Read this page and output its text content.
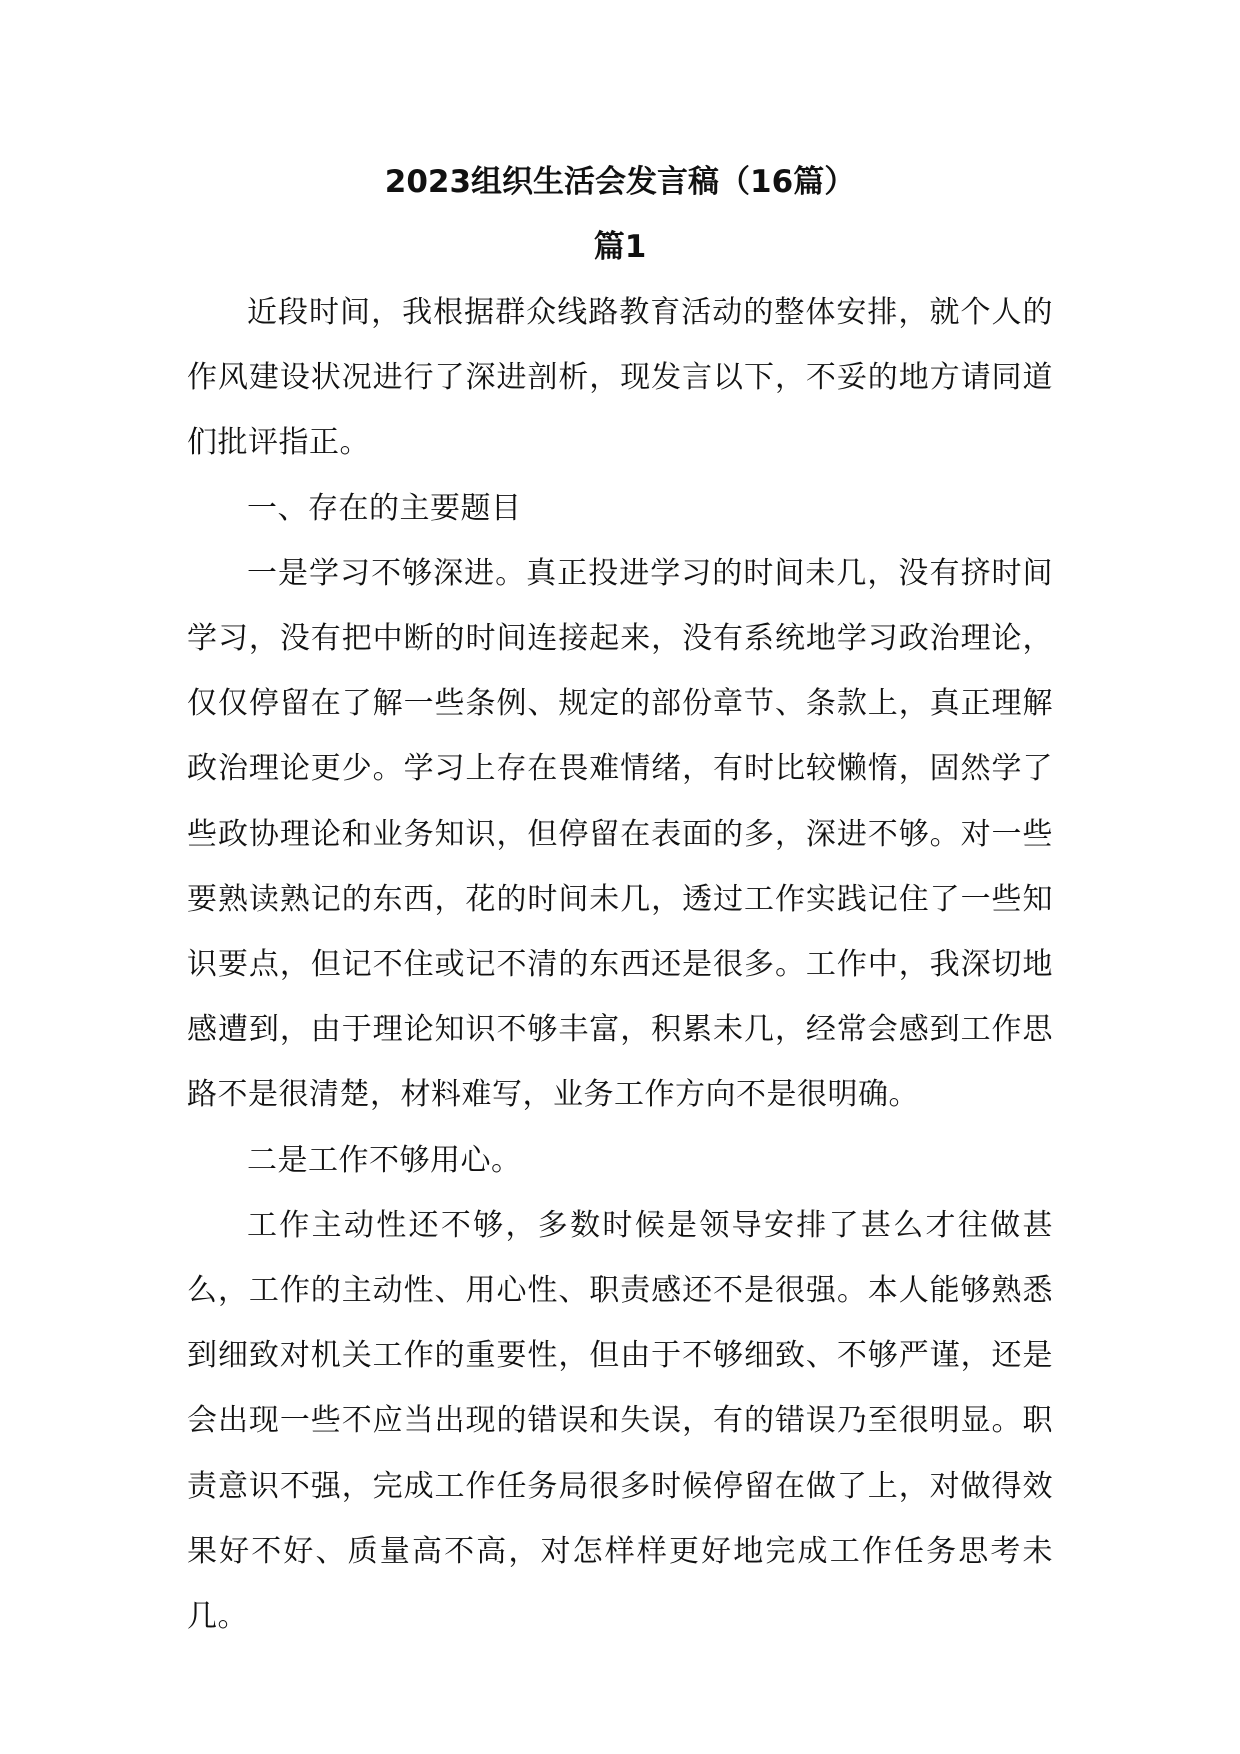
2023组织生活会发言稿（16篇）
篇1

近段时间，我根据群众线路教育活动的整体安排，就个人的作风建设状况进行了深进剖析，现发言以下，不妥的地方请同道们批评指正。

一、存在的主要题目

一是学习不够深进。真正投进学习的时间未几，没有挤时间学习，没有把中断的时间连接起来，没有系统地学习政治理论，仅仅停留在了解一些条例、规定的部份章节、条款上，真正理解政治理论更少。学习上存在畏难情绪，有时比较懒惰，固然学了些政协理论和业务知识，但停留在表面的多，深进不够。对一些要熟读熟记的东西，花的时间未几，透过工作实践记住了一些知识要点，但记不住或记不清的东西还是很多。工作中，我深切地感遭到，由于理论知识不够丰富，积累未几，经常会感到工作思路不是很清楚，材料难写，业务工作方向不是很明确。

二是工作不够用心。

工作主动性还不够，多数时候是领导安排了甚么才往做甚么，工作的主动性、用心性、职责感还不是很强。本人能够熟悉到细致对机关工作的重要性，但由于不够细致、不够严谨，还是会出现一些不应当出现的错误和失误，有的错误乃至很明显。职责意识不强，完成工作任务局很多时候停留在做了上，对做得效果好不好、质量高不高，对怎样样更好地完成工作任务思考未几。
